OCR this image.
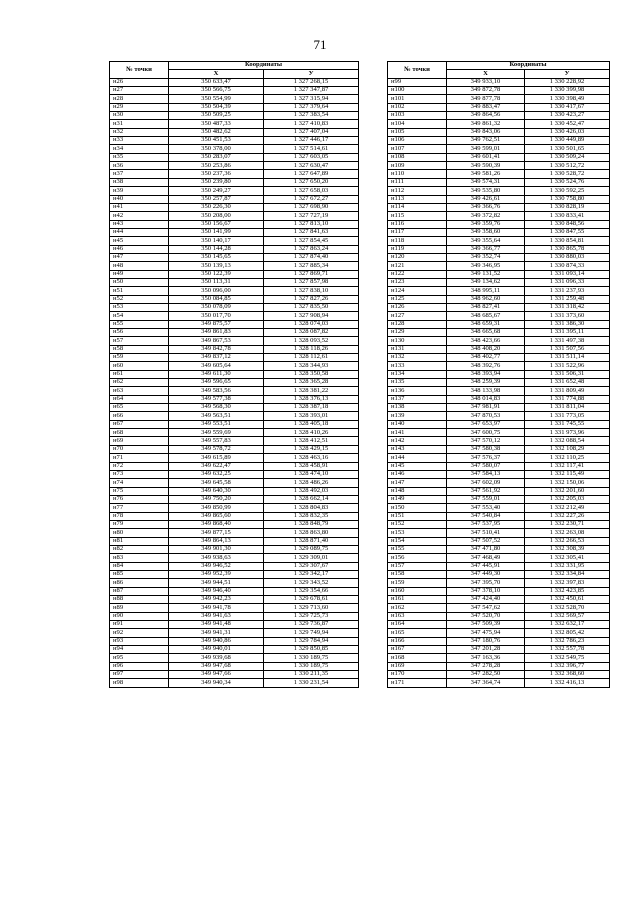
71
№ точки	Координаты	
	Х	У
н26	350 633,47	1 327 268,15
н27	350 566,75	1 327 347,87
н28	350 554,99	1 327 315,94
н29	350 504,39	1 327 379,64
н30	350 509,25	1 327 383,54
н31	350 487,33	1 327 410,83
н32	350 482,62	1 327 407,04
н33	350 451,53	1 327 446,17
н34	350 378,00	1 327 514,61
н35	350 283,07	1 327 603,05
н36	350 253,86	1 327 630,47
н37	350 237,36	1 327 647,89
н38	350 239,80	1 327 650,20
н39	350 249,27	1 327 658,03
н40	350 257,87	1 327 672,27
н41	350 226,30	1 327 698,90
н42	350 208,00	1 327 727,19
н43	350 156,67	1 327 813,10
н44	350 141,99	1 327 841,63
н45	350 140,17	1 327 854,45
н46	350 144,28	1 327 863,24
н47	350 145,65	1 327 874,40
н48	350 139,13	1 327 885,34
н49	350 122,39	1 327 869,71
н50	350 113,31	1 327 857,98
н51	350 096,00	1 327 838,10
н52	350 084,85	1 327 827,26
н53	350 078,09	1 327 835,50
н54	350 017,70	1 327 908,94
н55	349 875,57	1 328 074,03
н56	349 861,83	1 328 087,82
н57	349 867,53	1 328 093,52
н58	349 842,78	1 328 118,26
н59	349 837,12	1 328 112,61
н60	349 605,64	1 328 344,93
н61	349 611,30	1 328 350,58
н62	349 596,65	1 328 365,28
н63	349 583,56	1 328 381,22
н64	349 577,38	1 328 376,13
н65	349 568,30	1 328 387,18
н66	349 563,51	1 328 393,01
н67	349 553,51	1 328 405,18
н68	349 559,69	1 328 410,26
н69	349 557,83	1 328 412,51
н70	349 578,72	1 328 429,15
н71	349 615,89	1 328 463,16
н72	349 622,47	1 328 458,91
н73	349 632,25	1 328 474,10
н74	349 645,58	1 328 486,26
н75	349 640,30	1 328 492,03
н76	349 750,20	1 328 662,14
н77	349 850,99	1 328 804,83
н78	349 865,60	1 328 832,35
н79	349 868,40	1 328 848,79
н80	349 877,15	1 328 863,80
н81	349 864,13	1 328 871,40
н82	349 901,30	1 329 089,75
н83	349 938,63	1 329 309,01
н84	349 946,52	1 329 307,67
н85	349 952,39	1 329 342,17
н86	349 944,51	1 329 343,52
н87	349 946,40	1 329 354,66
н88	349 942,23	1 329 678,61
н89	349 941,78	1 329 713,60
н90	349 941,63	1 329 725,73
н91	349 941,48	1 329 736,87
н92	349 941,31	1 329 749,94
н93	349 940,86	1 329 784,94
н94	349 940,01	1 329 850,85
н95	349 939,68	1 330 189,75
н96	349 947,68	1 330 189,75
н97	349 947,66	1 330 211,35
н98	349 940,34	1 330 231,54
№ точки	Координаты	
	Х	У
н99	349 933,10	1 330 228,92
н100	349 872,78	1 330 399,98
н101	349 877,78	1 330 398,49
н102	349 883,47	1 330 417,67
н103	349 864,56	1 330 423,27
н104	349 861,32	1 330 452,47
н105	349 843,06	1 330 426,03
н106	349 762,51	1 330 449,89
н107	349 599,01	1 330 501,65
н108	349 601,41	1 330 509,24
н109	349 590,39	1 330 512,72
н110	349 581,26	1 330 528,72
н111	349 574,31	1 330 524,76
н112	349 535,80	1 330 592,25
н113	349 426,61	1 330 758,80
н114	349 366,76	1 330 828,19
н115	349 372,82	1 330 833,41
н116	349 359,76	1 330 848,56
н117	349 358,60	1 330 847,55
н118	349 355,64	1 330 854,81
н119	349 366,77	1 330 865,78
н120	349 352,74	1 330 880,03
н121	349 346,95	1 330 874,33
н122	349 131,52	1 331 093,14
н123	349 134,62	1 331 096,33
н124	348 995,11	1 331 237,93
н125	348 962,60	1 331 259,48
н126	348 827,41	1 331 318,42
н127	348 685,67	1 331 373,60
н128	348 659,31	1 331 386,30
н129	348 665,68	1 331 395,11
н130	348 423,66	1 331 497,38
н131	348 408,20	1 331 507,56
н132	348 402,77	1 331 511,14
н133	348 392,76	1 331 522,96
н134	348 393,94	1 331 506,31
н135	348 259,39	1 331 652,48
н136	348 133,98	1 331 809,49
н137	348 014,83	1 331 774,88
н138	347 981,91	1 331 811,04
н139	347 870,53	1 331 773,05
н140	347 653,97	1 331 745,55
н141	347 600,75	1 331 973,96
н142	347 570,12	1 332 088,54
н143	347 580,38	1 332 108,29
н144	347 576,37	1 332 110,25
н145	347 580,07	1 332 117,41
н146	347 584,13	1 332 115,49
н147	347 602,09	1 332 150,06
н148	347 561,92	1 332 201,60
н149	347 559,01	1 332 205,03
н150	347 553,40	1 332 212,49
н151	347 540,84	1 332 227,26
н152	347 537,95	1 332 230,71
н153	347 510,41	1 332 263,08
н154	347 507,52	1 332 266,53
н155	347 471,80	1 332 308,39
н156	347 468,49	1 332 305,41
н157	347 445,91	1 332 331,95
н158	347 449,30	1 332 334,84
н159	347 395,70	1 332 397,83
н160	347 378,10	1 332 423,85
н161	347 424,40	1 332 450,61
н162	347 547,62	1 332 528,70
н163	347 520,70	1 332 569,57
н164	347 509,39	1 332 632,17
н165	347 475,94	1 332 805,42
н166	347 180,76	1 332 786,23
н167	347 201,28	1 332 557,78
н168	347 163,36	1 332 549,75
н169	347 278,28	1 332 396,77
н170	347 282,50	1 332 368,60
н171	347 364,74	1 332 416,13
